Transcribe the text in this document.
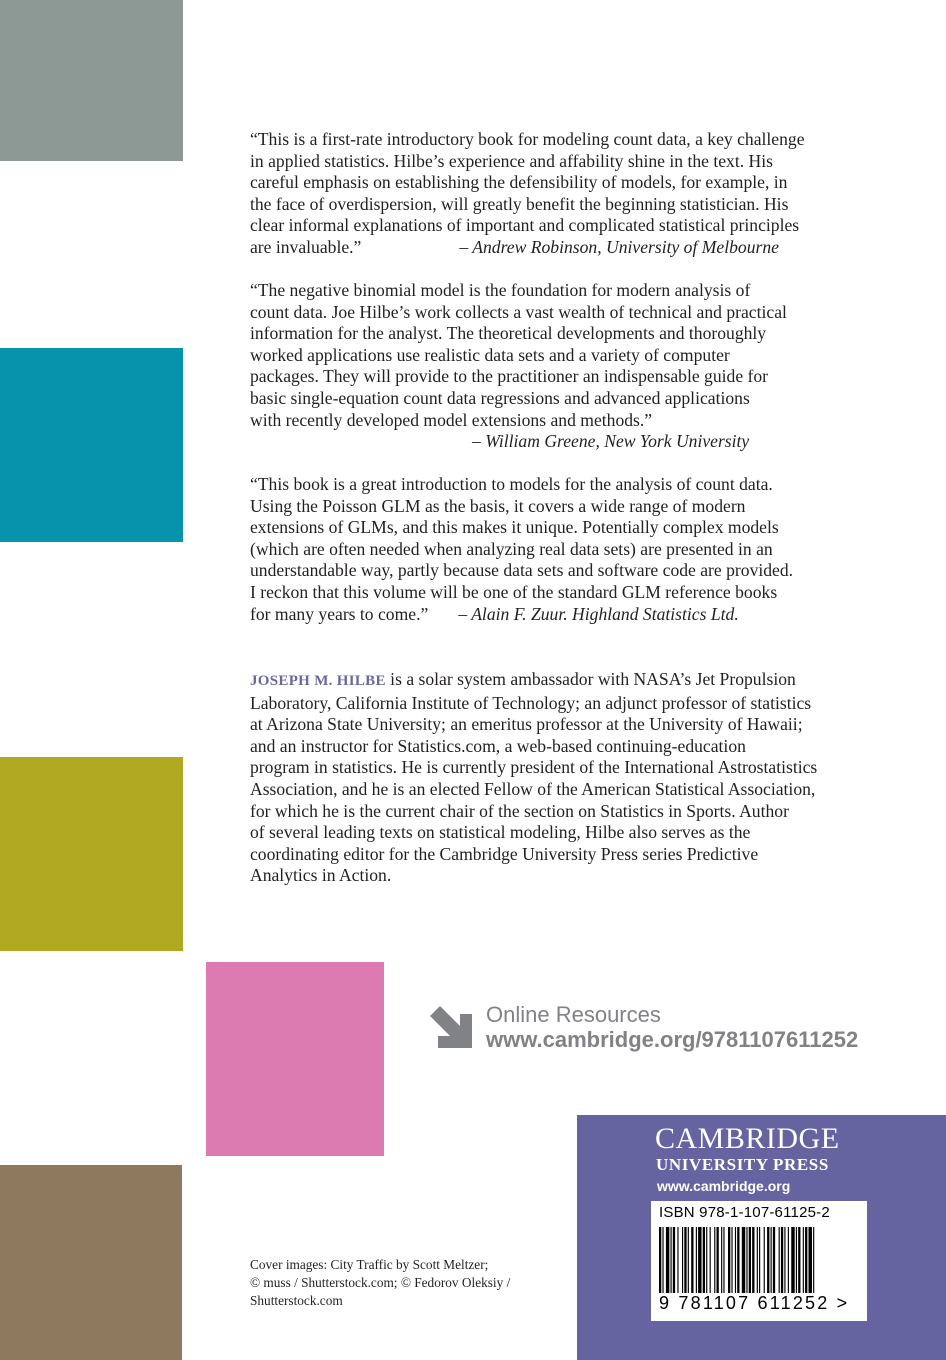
“This is a first-rate introductory book for modeling count data, a key challenge
in applied statistics. Hilbe’s experience and affability shine in the text. His
careful emphasis on establishing the defensibility of models, for example, in
the face of overdispersion, will greatly benefit the beginning statistician. His
clear informal explanations of important and complicated statistical principles
are invaluable.”	– Andrew Robinson, University of Melbourne
“The negative binomial model is the foundation for modern analysis of
count data. Joe Hilbe’s work collects a vast wealth of technical and practical
information for the analyst. The theoretical developments and thoroughly
worked applications use realistic data sets and a variety of computer
packages. They will provide to the practitioner an indispensable guide for
basic single-equation count data regressions and advanced applications
with recently developed model extensions and methods.”
– William Greene, New York University
“This book is a great introduction to models for the analysis of count data.
Using the Poisson GLM as the basis, it covers a wide range of modern
extensions of GLMs, and this makes it unique. Potentially complex models
(which are often needed when analyzing real data sets) are presented in an
understandable way, partly because data sets and software code are provided.
I reckon that this volume will be one of the standard GLM reference books
for many years to come.” – Alain F. Zuur. Highland Statistics Ltd.
JOSEPH M. HILBE is a solar system ambassador with NASA’s Jet Propulsion
Laboratory, California Institute of Technology; an adjunct professor of statistics
at Arizona State University; an emeritus professor at the University of Hawaii;
and an instructor for Statistics.com, a web-based continuing-education
program in statistics. He is currently president of the International Astrostatistics
Association, and he is an elected Fellow of the American Statistical Association,
for which he is the current chair of the section on Statistics in Sports. Author
of several leading texts on statistical modeling, Hilbe also serves as the
coordinating editor for the Cambridge University Press series Predictive
Analytics in Action.
Online Resources
www.cambridge.org/9781107611252
CAMBRIDGE
UNIVERSITY PRESS
www.cambridge.org
ISBN 978-1-107-61125-2
9 781107 611252 >
Cover images: City Traffic by Scott Meltzer;
© muss / Shutterstock.com; © Fedorov Oleksiy /
Shutterstock.com
